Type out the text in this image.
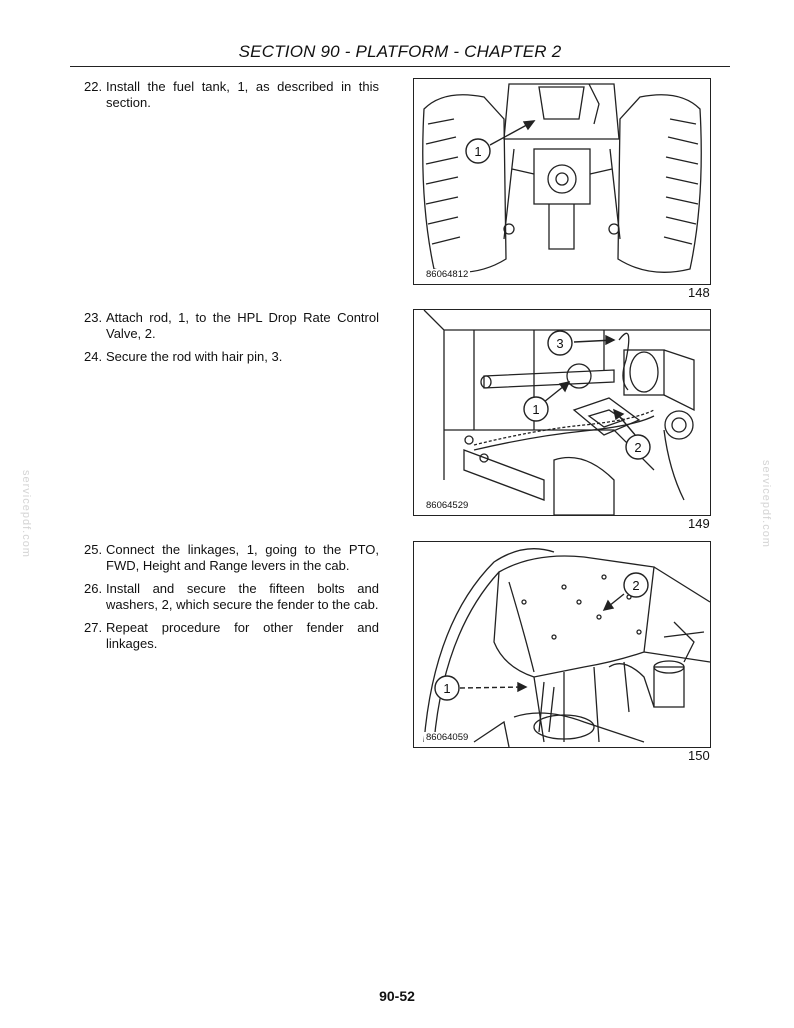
SECTION 90 - PLATFORM - CHAPTER 2
22. Install the fuel tank, 1, as described in this section.
1
86064812
148
23. Attach rod, 1, to the HPL Drop Rate Control Valve, 2.
24. Secure the rod with hair pin, 3.
3
1
2
86064529
149
25. Connect the linkages, 1, going to the PTO, FWD, Height and Range levers in the cab.
26. Install and secure the fifteen bolts and washers, 2, which secure the fender to the cab.
27. Repeat procedure for other fender and linkages.
2
1
86064059
150
servicepdf.com	servicepdf.com
90-52
